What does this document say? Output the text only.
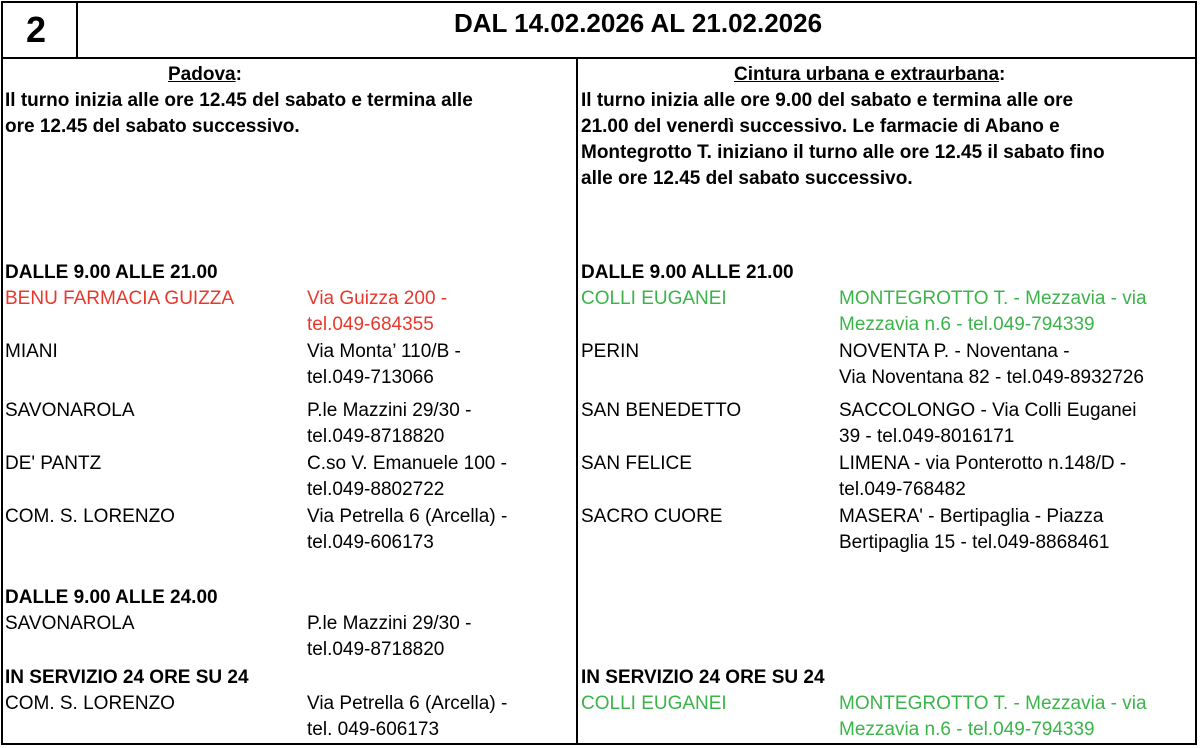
2	DAL 14.02.2026 AL 21.02.2026
Padova:
Il turno inizia alle ore 12.45 del sabato e termina alle
ore 12.45 del sabato successivo.
DALLE 9.00 ALLE 21.00
BENU FARMACIA GUIZZA	Via Guizza 200 -
tel.049-684355
MIANI	Via Monta’ 110/B -
tel.049-713066
SAVONAROLA	P.le Mazzini 29/30 -
tel.049-8718820
DE' PANTZ	C.so V. Emanuele 100 -
tel.049-8802722
COM. S. LORENZO	Via Petrella 6 (Arcella) -
tel.049-606173
DALLE 9.00 ALLE 24.00
SAVONAROLA	P.le Mazzini 29/30 -
tel.049-8718820
IN SERVIZIO 24 ORE SU 24
COM. S. LORENZO	Via Petrella 6 (Arcella) -
tel. 049-606173
Cintura urbana e extraurbana:
Il turno inizia alle ore 9.00 del sabato e termina alle ore
21.00 del venerdì successivo. Le farmacie di Abano e
Montegrotto T. iniziano il turno alle ore 12.45 il sabato fino
alle ore 12.45 del sabato successivo.
DALLE 9.00 ALLE 21.00
COLLI EUGANEI	MONTEGROTTO T. - Mezzavia - via
Mezzavia n.6 - tel.049-794339
PERIN	NOVENTA P. - Noventana -
Via Noventana 82 - tel.049-8932726
SAN BENEDETTO	SACCOLONGO - Via Colli Euganei
39 - tel.049-8016171
SAN FELICE	LIMENA - via Ponterotto n.148/D -
tel.049-768482
SACRO CUORE	MASERA' - Bertipaglia - Piazza
Bertipaglia 15 - tel.049-8868461
IN SERVIZIO 24 ORE SU 24
COLLI EUGANEI	MONTEGROTTO T. - Mezzavia - via
Mezzavia n.6 - tel.049-794339
